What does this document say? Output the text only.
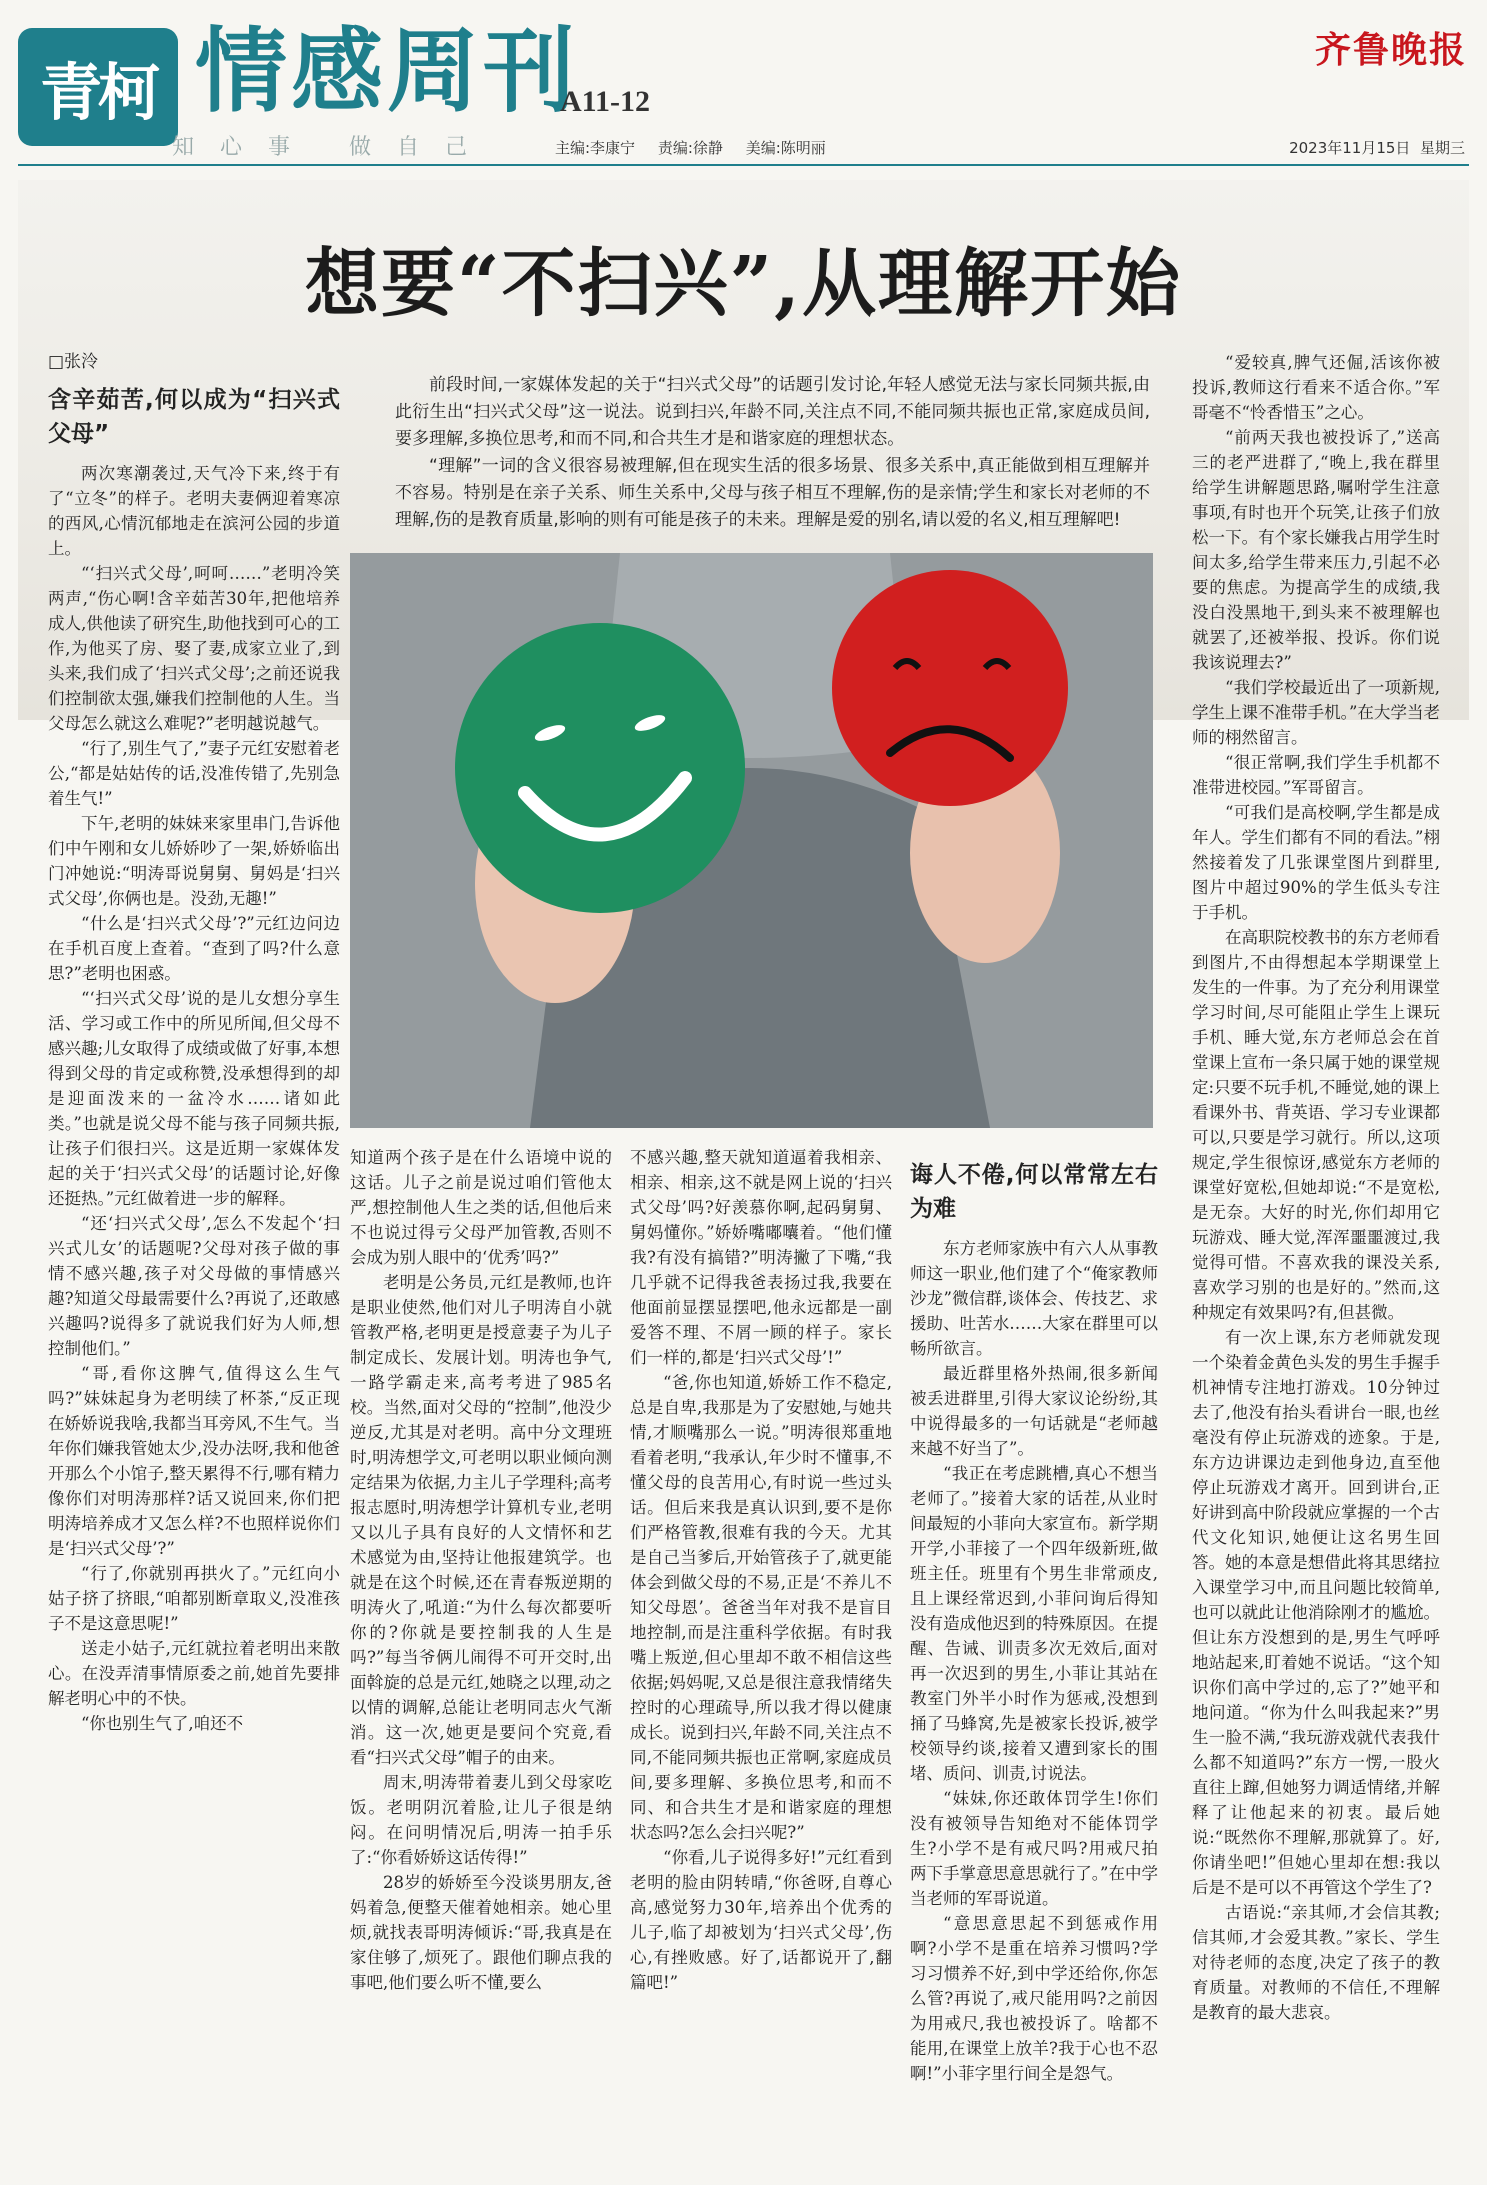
青柯 情感周刊
A11-12
知心事 做自己	主编:李康宁 责编:徐静 美编:陈明丽
齐鲁晚报
2023年11月15日 星期三
想要“不扫兴”,从理解开始

前段时间,一家媒体发起的关于“扫兴式父母”的话题引发讨论,年轻人感觉无法与家长同频共振,由此衍生出“扫兴式父母”这一说法。说到扫兴,年龄不同,关注点不同,不能同频共振也正常,家庭成员间,要多理解,多换位思考,和而不同,和合共生才是和谐家庭的理想状态。

“理解”一词的含义很容易被理解,但在现实生活的很多场景、很多关系中,真正能做到相互理解并不容易。特别是在亲子关系、师生关系中,父母与孩子相互不理解,伤的是亲情;学生和家长对老师的不理解,伤的是教育质量,影响的则有可能是孩子的未来。理解是爱的别名,请以爱的名义,相互理解吧!

□张泠

含辛茹苦,何以成为“扫兴式父母”

两次寒潮袭过,天气冷下来,终于有了“立冬”的样子。老明夫妻俩迎着寒凉的西风,心情沉郁地走在滨河公园的步道上。

“‘扫兴式父母’,呵呵……”老明冷笑两声,“伤心啊!含辛茹苦30年,把他培养成人,供他读了研究生,助他找到可心的工作,为他买了房、娶了妻,成家立业了,到头来,我们成了‘扫兴式父母’;之前还说我们控制欲太强,嫌我们控制他的人生。当父母怎么就这么难呢?”老明越说越气。

“行了,别生气了,”妻子元红安慰着老公,“都是姑姑传的话,没准传错了,先别急着生气!”

下午,老明的妹妹来家里串门,告诉他们中午刚和女儿娇娇吵了一架,娇娇临出门冲她说:“明涛哥说舅舅、舅妈是‘扫兴式父母’,你俩也是。没劲,无趣!”

“什么是‘扫兴式父母’?”元红边问边在手机百度上查着。“查到了吗?什么意思?”老明也困惑。

“‘扫兴式父母’说的是儿女想分享生活、学习或工作中的所见所闻,但父母不感兴趣;儿女取得了成绩或做了好事,本想得到父母的肯定或称赞,没承想得到的却是迎面泼来的一盆冷水……诸如此类。”也就是说父母不能与孩子同频共振,让孩子们很扫兴。这是近期一家媒体发起的关于‘扫兴式父母’的话题讨论,好像还挺热。”元红做着进一步的解释。

“还‘扫兴式父母’,怎么不发起个‘扫兴式儿女’的话题呢?父母对孩子做的事情不感兴趣,孩子对父母做的事情感兴趣?知道父母最需要什么?再说了,还敢感兴趣吗?说得多了就说我们好为人师,想控制他们。”

“哥,看你这脾气,值得这么生气吗?”妹妹起身为老明续了杯茶,“反正现在娇娇说我啥,我都当耳旁风,不生气。当年你们嫌我管她太少,没办法呀,我和他爸开那么个小馆子,整天累得不行,哪有精力像你们对明涛那样?话又说回来,你们把明涛培养成才又怎么样?不也照样说你们是‘扫兴式父母’?”

“行了,你就别再拱火了。”元红向小姑子挤了挤眼,“咱都别断章取义,没准孩子不是这意思呢!”

送走小姑子,元红就拉着老明出来散心。在没弄清事情原委之前,她首先要排解老明心中的不快。

“你也别生气了,咱还不

知道两个孩子是在什么语境中说的这话。儿子之前是说过咱们管他太严,想控制他人生之类的话,但他后来不也说过得亏父母严加管教,否则不会成为别人眼中的‘优秀’吗?”

老明是公务员,元红是教师,也许是职业使然,他们对儿子明涛自小就管教严格,老明更是授意妻子为儿子制定成长、发展计划。明涛也争气,一路学霸走来,高考考进了985名校。当然,面对父母的“控制”,他没少逆反,尤其是对老明。高中分文理班时,明涛想学文,可老明以职业倾向测定结果为依据,力主儿子学理科;高考报志愿时,明涛想学计算机专业,老明又以儿子具有良好的人文情怀和艺术感觉为由,坚持让他报建筑学。也就是在这个时候,还在青春叛逆期的明涛火了,吼道:“为什么每次都要听你的?你就是要控制我的人生是吗?”每当爷俩儿闹得不可开交时,出面斡旋的总是元红,她晓之以理,动之以情的调解,总能让老明同志火气渐消。这一次,她更是要问个究竟,看看“扫兴式父母”帽子的由来。

周末,明涛带着妻儿到父母家吃饭。老明阴沉着脸,让儿子很是纳闷。在问明情况后,明涛一拍手乐了:“你看娇娇这话传得!”

28岁的娇娇至今没谈男朋友,爸妈着急,便整天催着她相亲。她心里烦,就找表哥明涛倾诉:“哥,我真是在家住够了,烦死了。跟他们聊点我的事吧,他们要么听不懂,要么

不感兴趣,整天就知道逼着我相亲、相亲、相亲,这不就是网上说的‘扫兴式父母’吗?好羡慕你啊,起码舅舅、舅妈懂你。”娇娇嘴嘟囔着。“他们懂我?有没有搞错?”明涛撇了下嘴,“我几乎就不记得我爸表扬过我,我要在他面前显摆显摆吧,他永远都是一副爱答不理、不屑一顾的样子。家长们一样的,都是‘扫兴式父母’!”

“爸,你也知道,娇娇工作不稳定,总是自卑,我那是为了安慰她,与她共情,才顺嘴那么一说。”明涛很郑重地看着老明,“我承认,年少时不懂事,不懂父母的良苦用心,有时说一些过头话。但后来我是真认识到,要不是你们严格管教,很难有我的今天。尤其是自己当爹后,开始管孩子了,就更能体会到做父母的不易,正是‘不养儿不知父母恩’。爸爸当年对我不是盲目地控制,而是注重科学依据。有时我嘴上叛逆,但心里却不敢不相信这些依据;妈妈呢,又总是很注意我情绪失控时的心理疏导,所以我才得以健康成长。说到扫兴,年龄不同,关注点不同,不能同频共振也正常啊,家庭成员间,要多理解、多换位思考,和而不同、和合共生才是和谐家庭的理想状态吗?怎么会扫兴呢?”

“你看,儿子说得多好!”元红看到老明的脸由阴转晴,“你爸呀,自尊心高,感觉努力30年,培养出个优秀的儿子,临了却被划为‘扫兴式父母’,伤心,有挫败感。好了,话都说开了,翻篇吧!”

诲人不倦,何以常常左右为难

东方老师家族中有六人从事教师这一职业,他们建了个“俺家教师沙龙”微信群,谈体会、传技艺、求援助、吐苦水……大家在群里可以畅所欲言。

最近群里格外热闹,很多新闻被丢进群里,引得大家议论纷纷,其中说得最多的一句话就是“老师越来越不好当了”。

“我正在考虑跳槽,真心不想当老师了。”接着大家的话茬,从业时间最短的小菲向大家宣布。新学期开学,小菲接了一个四年级新班,做班主任。班里有个男生非常顽皮,且上课经常迟到,小菲问询后得知没有造成他迟到的特殊原因。在提醒、告诫、训责多次无效后,面对再一次迟到的男生,小菲让其站在教室门外半小时作为惩戒,没想到捅了马蜂窝,先是被家长投诉,被学校领导约谈,接着又遭到家长的围堵、质问、训责,讨说法。

“妹妹,你还敢体罚学生!你们没有被领导告知绝对不能体罚学生?小学不是有戒尺吗?用戒尺拍两下手掌意思意思就行了。”在中学当老师的军哥说道。

“意思意思起不到惩戒作用啊?小学不是重在培养习惯吗?学习习惯养不好,到中学还给你,你怎么管?再说了,戒尺能用吗?之前因为用戒尺,我也被投诉了。啥都不能用,在课堂上放羊?我于心也不忍啊!”小菲字里行间全是怨气。

“爱较真,脾气还倔,活该你被投诉,教师这行看来不适合你。”军哥毫不“怜香惜玉”之心。

“前两天我也被投诉了,”送高三的老严进群了,“晚上,我在群里给学生讲解题思路,嘱咐学生注意事项,有时也开个玩笑,让孩子们放松一下。有个家长嫌我占用学生时间太多,给学生带来压力,引起不必要的焦虑。为提高学生的成绩,我没白没黑地干,到头来不被理解也就罢了,还被举报、投诉。你们说我该说理去?”

“我们学校最近出了一项新规,学生上课不准带手机。”在大学当老师的栩然留言。

“很正常啊,我们学生手机都不准带进校园。”军哥留言。

“可我们是高校啊,学生都是成年人。学生们都有不同的看法。”栩然接着发了几张课堂图片到群里,图片中超过90%的学生低头专注于手机。

在高职院校教书的东方老师看到图片,不由得想起本学期课堂上发生的一件事。为了充分利用课堂学习时间,尽可能阻止学生上课玩手机、睡大觉,东方老师总会在首堂课上宣布一条只属于她的课堂规定:只要不玩手机,不睡觉,她的课上看课外书、背英语、学习专业课都可以,只要是学习就行。所以,这项规定,学生很惊讶,感觉东方老师的课堂好宽松,但她却说:“不是宽松,是无奈。大好的时光,你们却用它玩游戏、睡大觉,浑浑噩噩渡过,我觉得可惜。不喜欢我的课没关系,喜欢学习别的也是好的。”然而,这种规定有效果吗?有,但甚微。

有一次上课,东方老师就发现一个染着金黄色头发的男生手握手机神情专注地打游戏。10分钟过去了,他没有抬头看讲台一眼,也丝毫没有停止玩游戏的迹象。于是,东方边讲课边走到他身边,直至他停止玩游戏才离开。回到讲台,正好讲到高中阶段就应掌握的一个古代文化知识,她便让这名男生回答。她的本意是想借此将其思绪拉入课堂学习中,而且问题比较简单,也可以就此让他消除刚才的尴尬。但让东方没想到的是,男生气呼呼地站起来,盯着她不说话。“这个知识你们高中学过的,忘了?”她平和地问道。“你为什么叫我起来?”男生一脸不满,“我玩游戏就代表我什么都不知道吗?”东方一愣,一股火直往上蹿,但她努力调适情绪,并解释了让他起来的初衷。最后她说:“既然你不理解,那就算了。好,你请坐吧!”但她心里却在想:我以后是不是可以不再管这个学生了?

古语说:“亲其师,才会信其教;信其师,才会爱其教。”家长、学生对待老师的态度,决定了孩子的教育质量。对教师的不信任,不理解是教育的最大悲哀。
